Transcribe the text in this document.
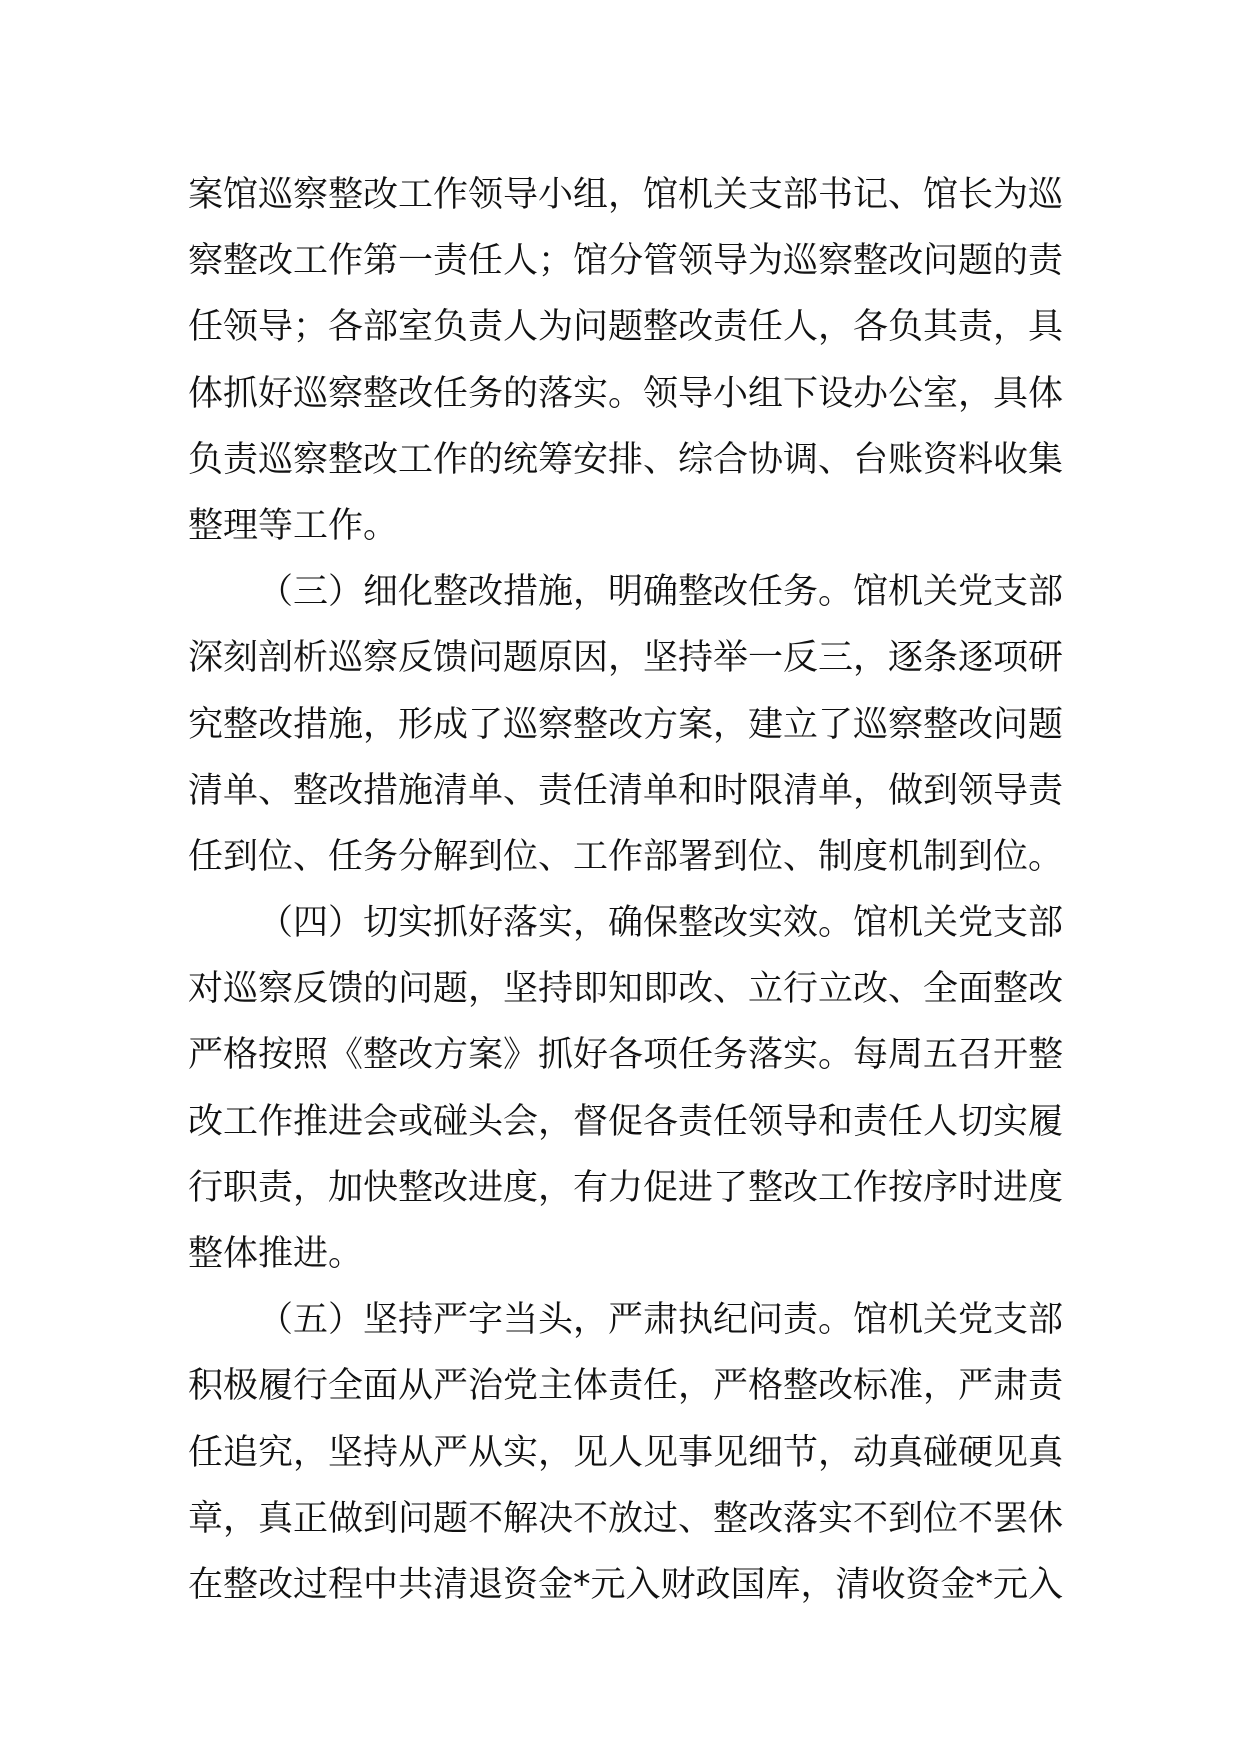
案馆巡察整改工作领导小组，馆机关支部书记、馆长为巡
察整改工作第一责任人；馆分管领导为巡察整改问题的责
任领导；各部室负责人为问题整改责任人，各负其责，具
体抓好巡察整改任务的落实。领导小组下设办公室，具体
负责巡察整改工作的统筹安排、综合协调、台账资料收集
整理等工作。
（三）细化整改措施，明确整改任务。馆机关党支部
深刻剖析巡察反馈问题原因，坚持举一反三，逐条逐项研
究整改措施，形成了巡察整改方案，建立了巡察整改问题
清单、整改措施清单、责任清单和时限清单，做到领导责
任到位、任务分解到位、工作部署到位、制度机制到位。
（四）切实抓好落实，确保整改实效。馆机关党支部
对巡察反馈的问题，坚持即知即改、立行立改、全面整改
严格按照《整改方案》抓好各项任务落实。每周五召开整
改工作推进会或碰头会，督促各责任领导和责任人切实履
行职责，加快整改进度，有力促进了整改工作按序时进度
整体推进。
（五）坚持严字当头，严肃执纪问责。馆机关党支部
积极履行全面从严治党主体责任，严格整改标准，严肃责
任追究，坚持从严从实，见人见事见细节，动真碰硬见真
章，真正做到问题不解决不放过、整改落实不到位不罢休
在整改过程中共清退资金*元入财政国库，清收资金*元入
